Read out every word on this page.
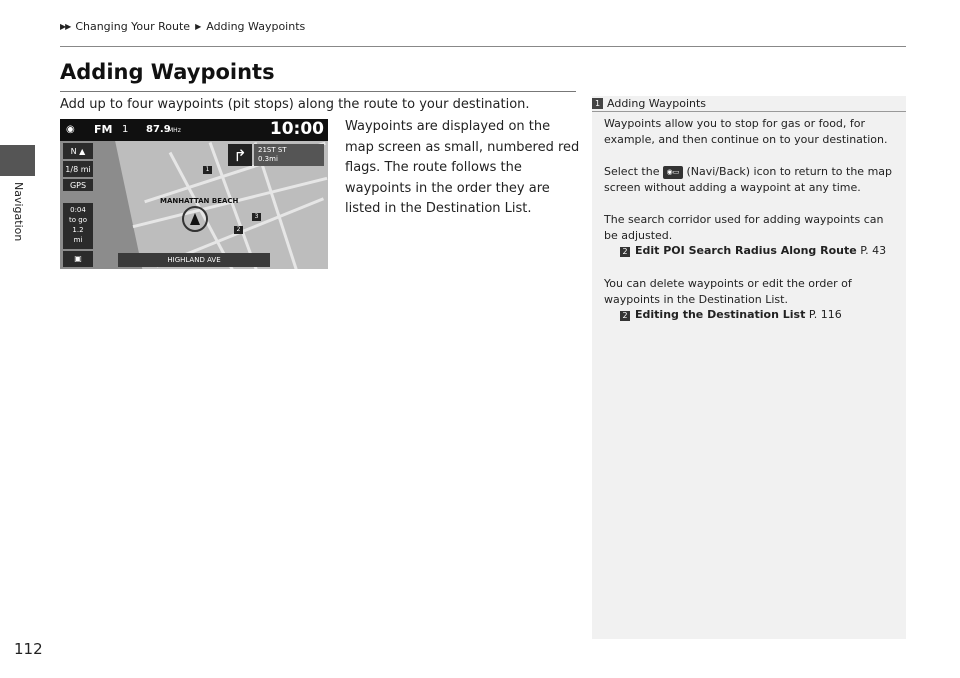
▶▶ Changing Your Route ▶ Adding Waypoints
Navigation
112
Adding Waypoints
Add up to four waypoints (pit stops) along the route to your destination.
◉ FM 1 87.9
MHz	10:00
N ▲
1/8 mi
GPS
0:04
to go
1.2
mi
↱	21ST ST
0.3mi
MANHATTAN BEACH
1
2
3
▣	HIGHLAND AVE
Waypoints are displayed on the map screen as small, numbered red flags. The route follows the waypoints in the order they are listed in the Destination List.
1 Adding Waypoints
Waypoints allow you to stop for gas or food, for example, and then continue on to your destination.
Select the ◉▭ (Navi/Back) icon to return to the map screen without adding a waypoint at any time.
The search corridor used for adding waypoints can be adjusted.
2 Edit POI Search Radius Along Route P. 43
You can delete waypoints or edit the order of waypoints in the Destination List.
2 Editing the Destination List P. 116
